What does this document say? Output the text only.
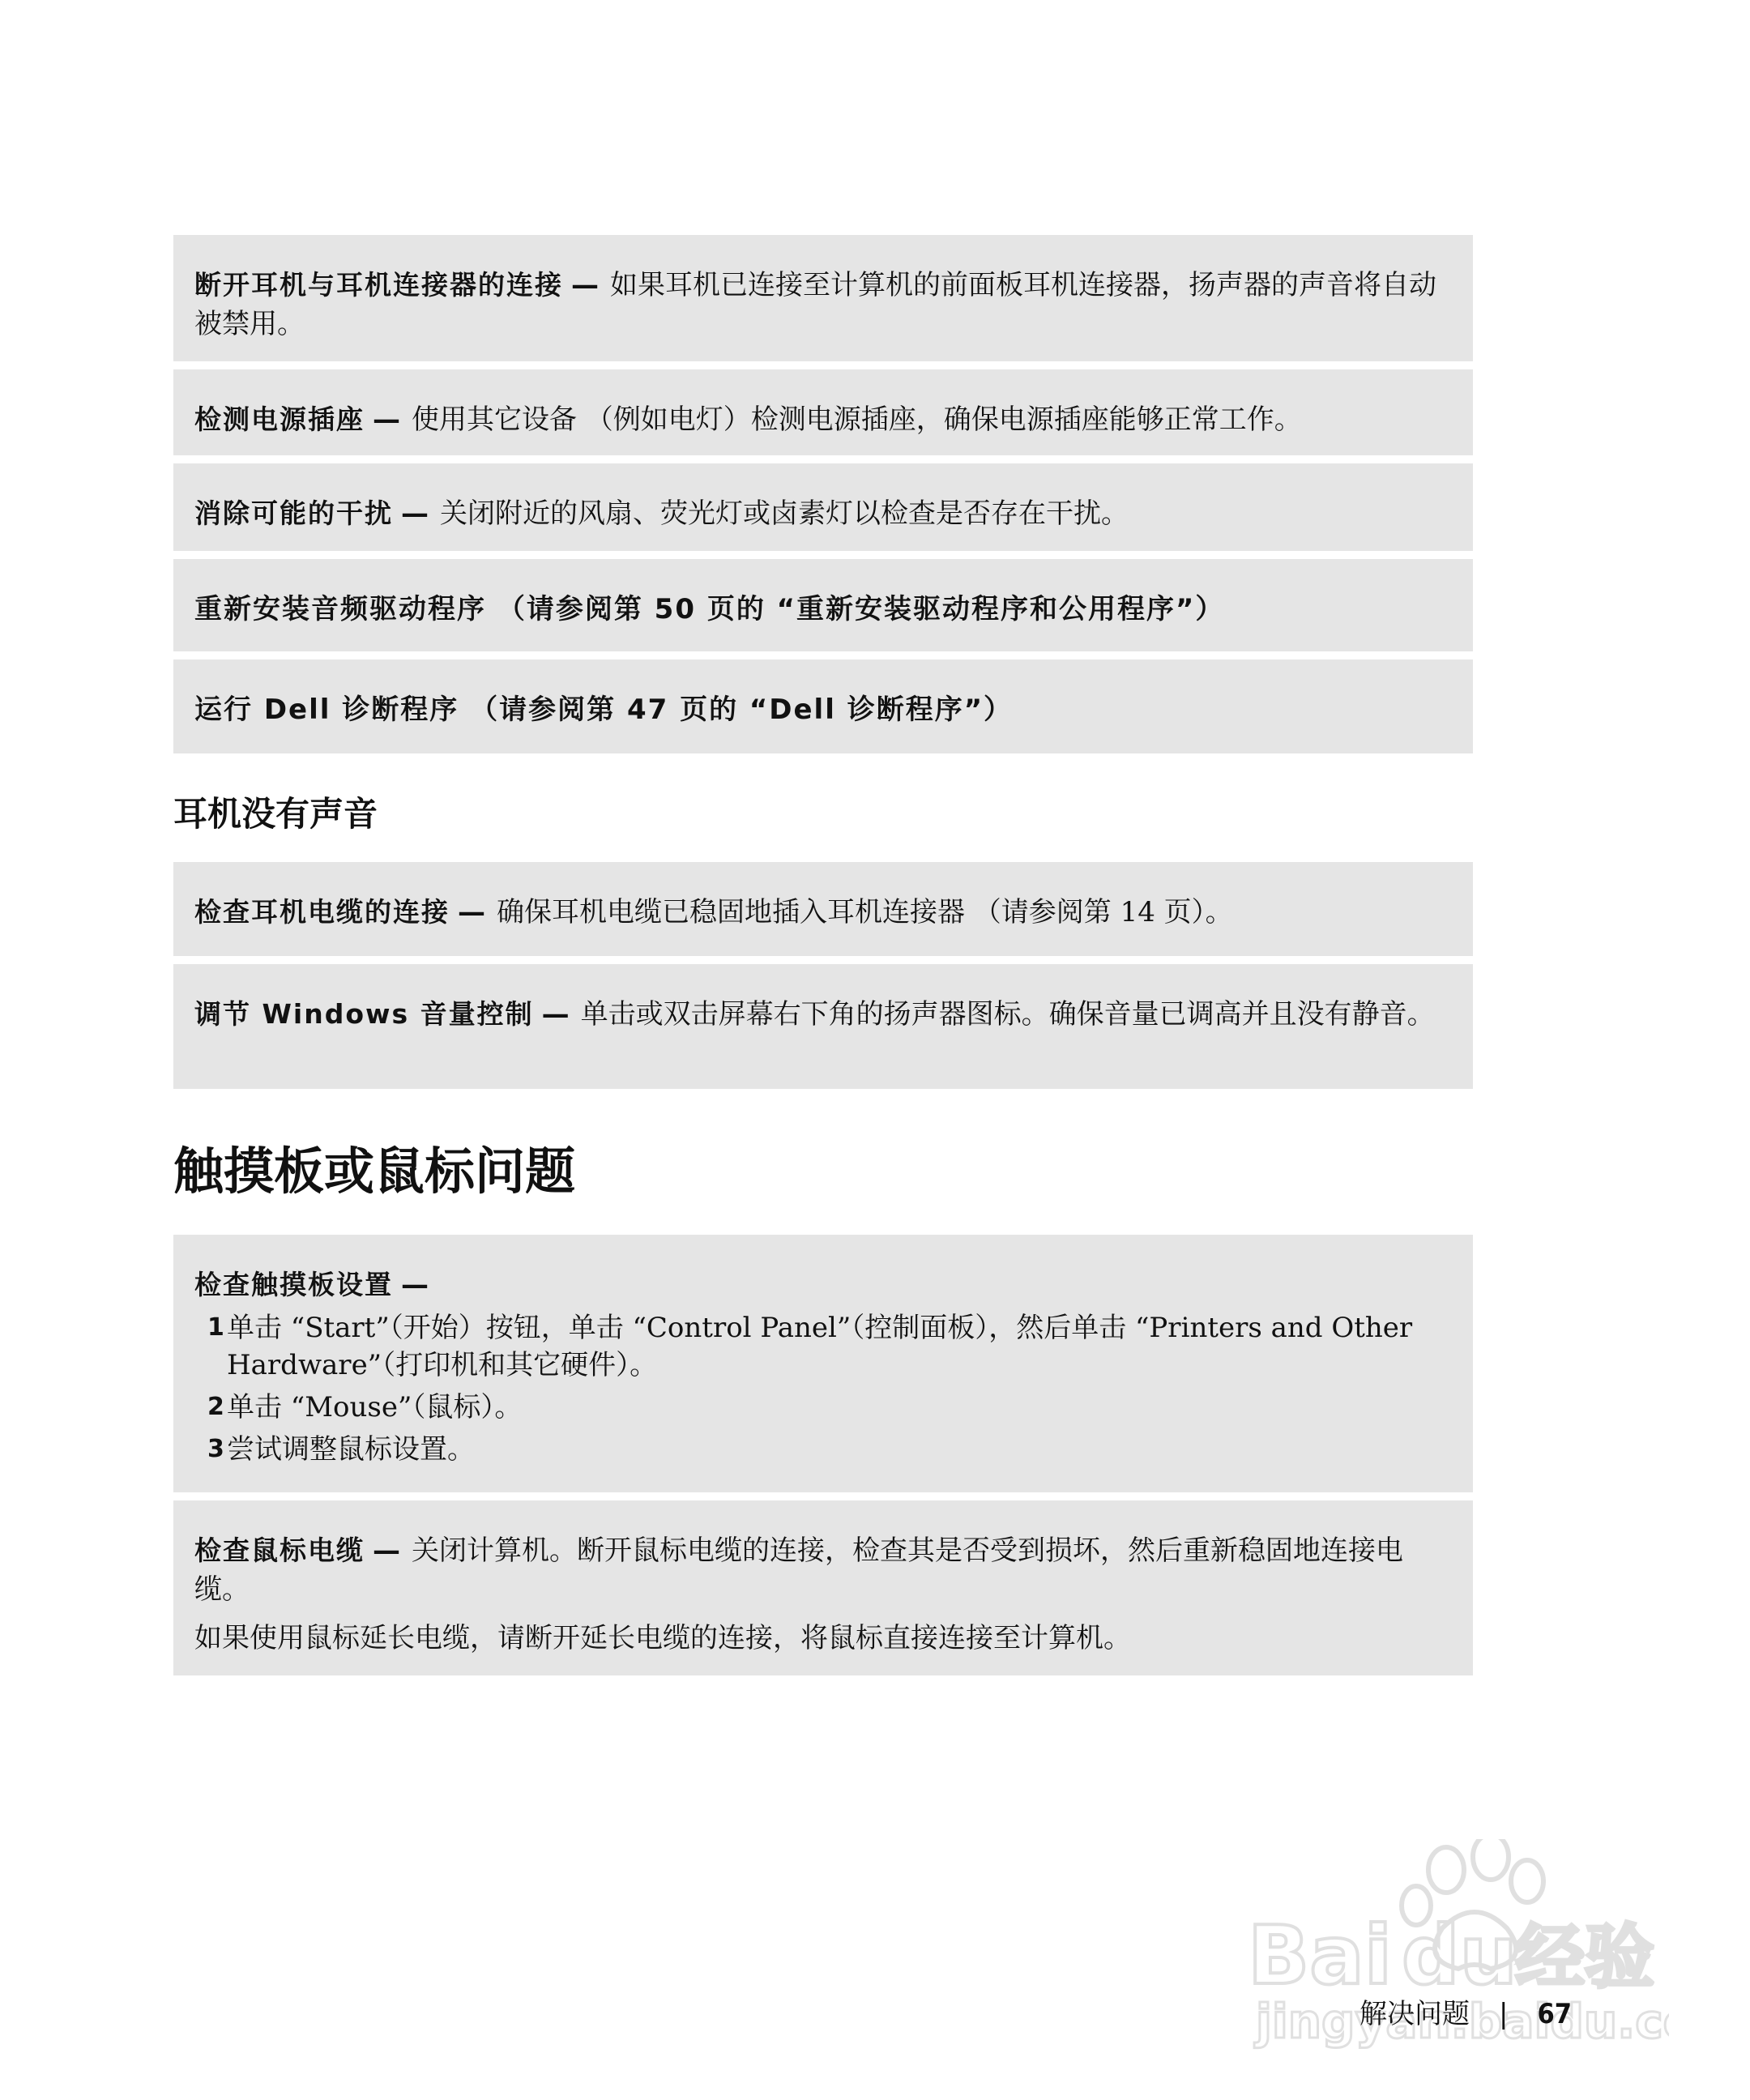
断开耳机与耳机连接器的连接 — 如果耳机已连接至计算机的前面板耳机连接器，扬声器的声音将自动被禁用。

检测电源插座 — 使用其它设备 （例如电灯）检测电源插座，确保电源插座能够正常工作。

消除可能的干扰 — 关闭附近的风扇、荧光灯或卤素灯以检查是否存在干扰。

重新安装音频驱动程序 （请参阅第 50 页的 “重新安装驱动程序和公用程序”）

运行 Dell 诊断程序 （请参阅第 47 页的 “Dell 诊断程序”）

耳机没有声音

检查耳机电缆的连接 — 确保耳机电缆已稳固地插入耳机连接器 （请参阅第 14 页）。

调节 Windows 音量控制 — 单击或双击屏幕右下角的扬声器图标。确保音量已调高并且没有静音。

触摸板或鼠标问题

检查触摸板设置 —

1 单击 “Start”（开始）按钮，单击 “Control Panel”（控制面板），然后单击 “Printers and Other Hardware”（打印机和其它硬件）。
2 单击 “Mouse”（鼠标）。
3 尝试调整鼠标设置。

检查鼠标电缆 — 关闭计算机。断开鼠标电缆的连接，检查其是否受到损坏，然后重新稳固地连接电缆。

如果使用鼠标延长电缆，请断开延长电缆的连接，将鼠标直接连接至计算机。

Bai du
经验
jingyan.baidu.c
解决问题 | 67
